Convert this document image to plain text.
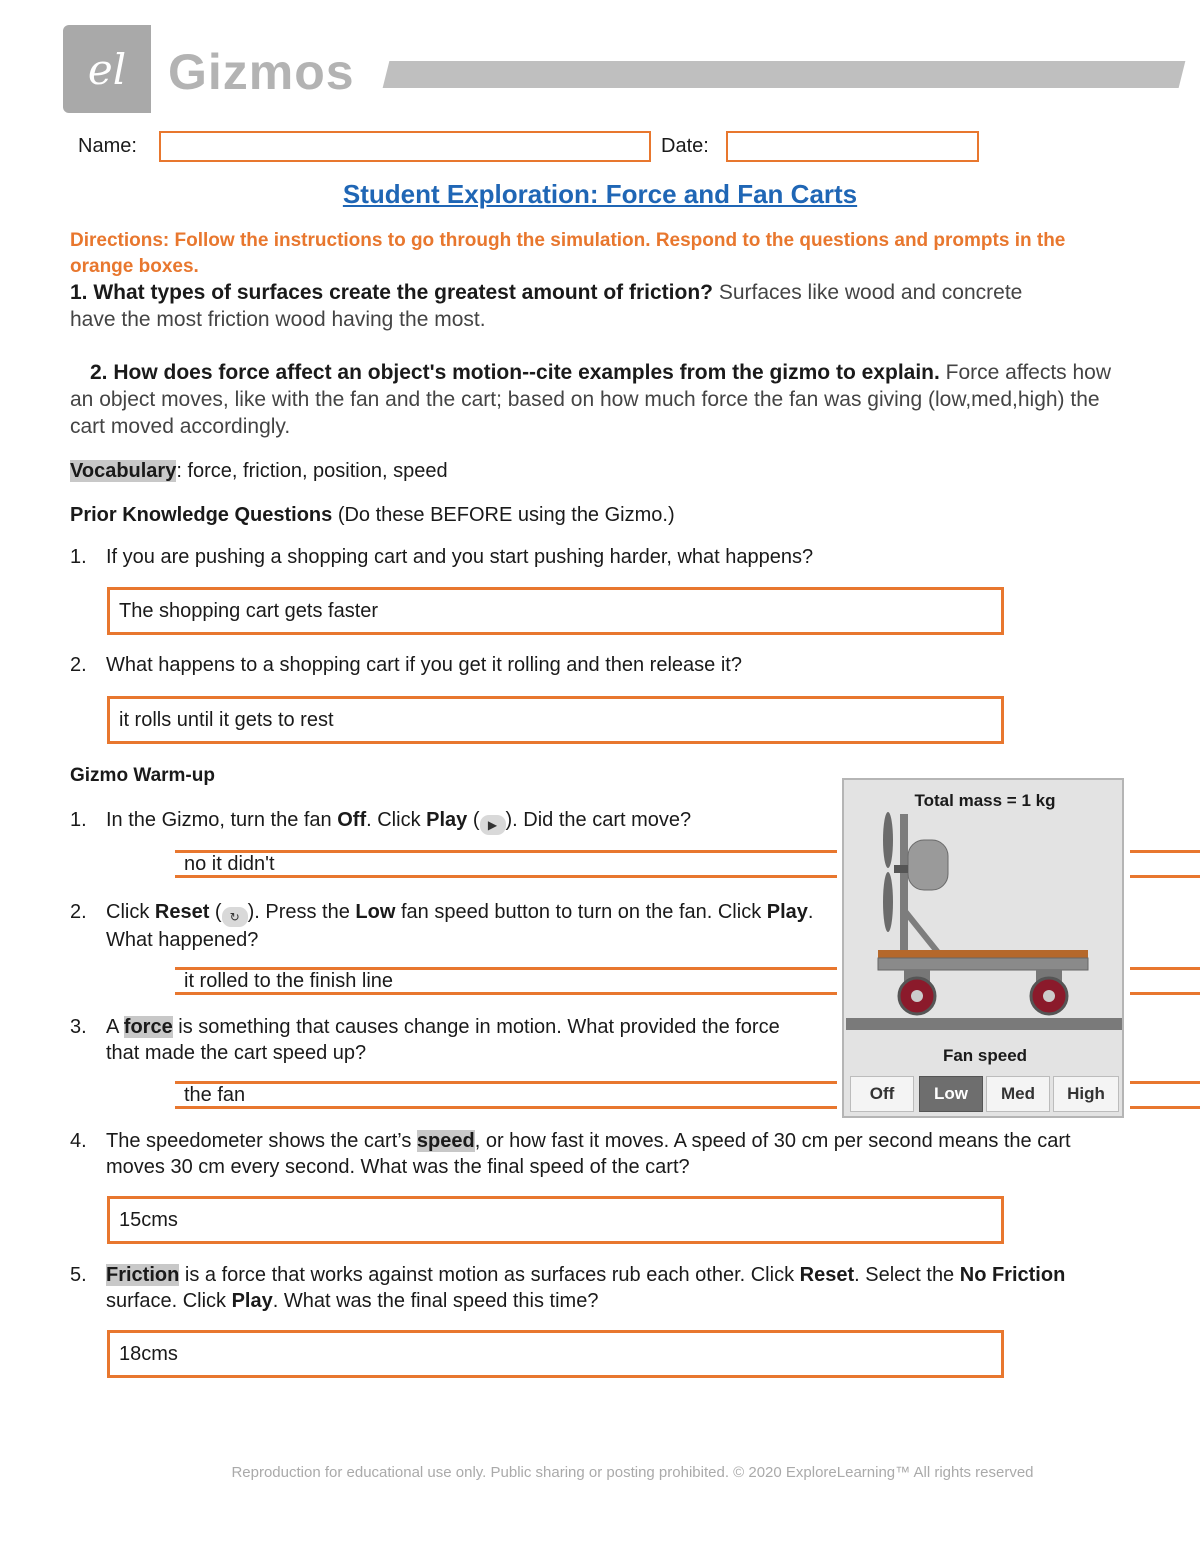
el Gizmos
Name:	Date:
Student Exploration: Force and Fan Carts
Directions: Follow the instructions to go through the simulation. Respond to the questions and prompts in the orange boxes.
1. What types of surfaces create the greatest amount of friction? Surfaces like wood and concrete have the most friction wood having the most.
2. How does force affect an object's motion--cite examples from the gizmo to explain. Force affects how an object moves, like with the fan and the cart; based on how much force the fan was giving (low,med,high) the cart moved accordingly.
Vocabulary: force, friction, position, speed
Prior Knowledge Questions (Do these BEFORE using the Gizmo.)
1. If you are pushing a shopping cart and you start pushing harder, what happens?
The shopping cart gets faster
2. What happens to a shopping cart if you get it rolling and then release it?
it rolls until it gets to rest
Gizmo Warm-up
1. In the Gizmo, turn the fan Off. Click Play ( ▶ ). Did the cart move?
no it didn't
2. Click Reset ( ↻ ). Press the Low fan speed button to turn on the fan. Click Play. What happened?
it rolled to the finish line
3. A force is something that causes change in motion. What provided the force that made the cart speed up?
the fan
4. The speedometer shows the cart’s speed, or how fast it moves. A speed of 30 cm per second means the cart moves 30 cm every second. What was the final speed of the cart?
15cms
5. Friction is a force that works against motion as surfaces rub each other. Click Reset. Select the No Friction surface. Click Play. What was the final speed this time?
18cms
Total mass = 1 kg
Fan speed
Off	Low	Med	High
Reproduction for educational use only. Public sharing or posting prohibited. © 2020 ExploreLearning™ All rights reserved
